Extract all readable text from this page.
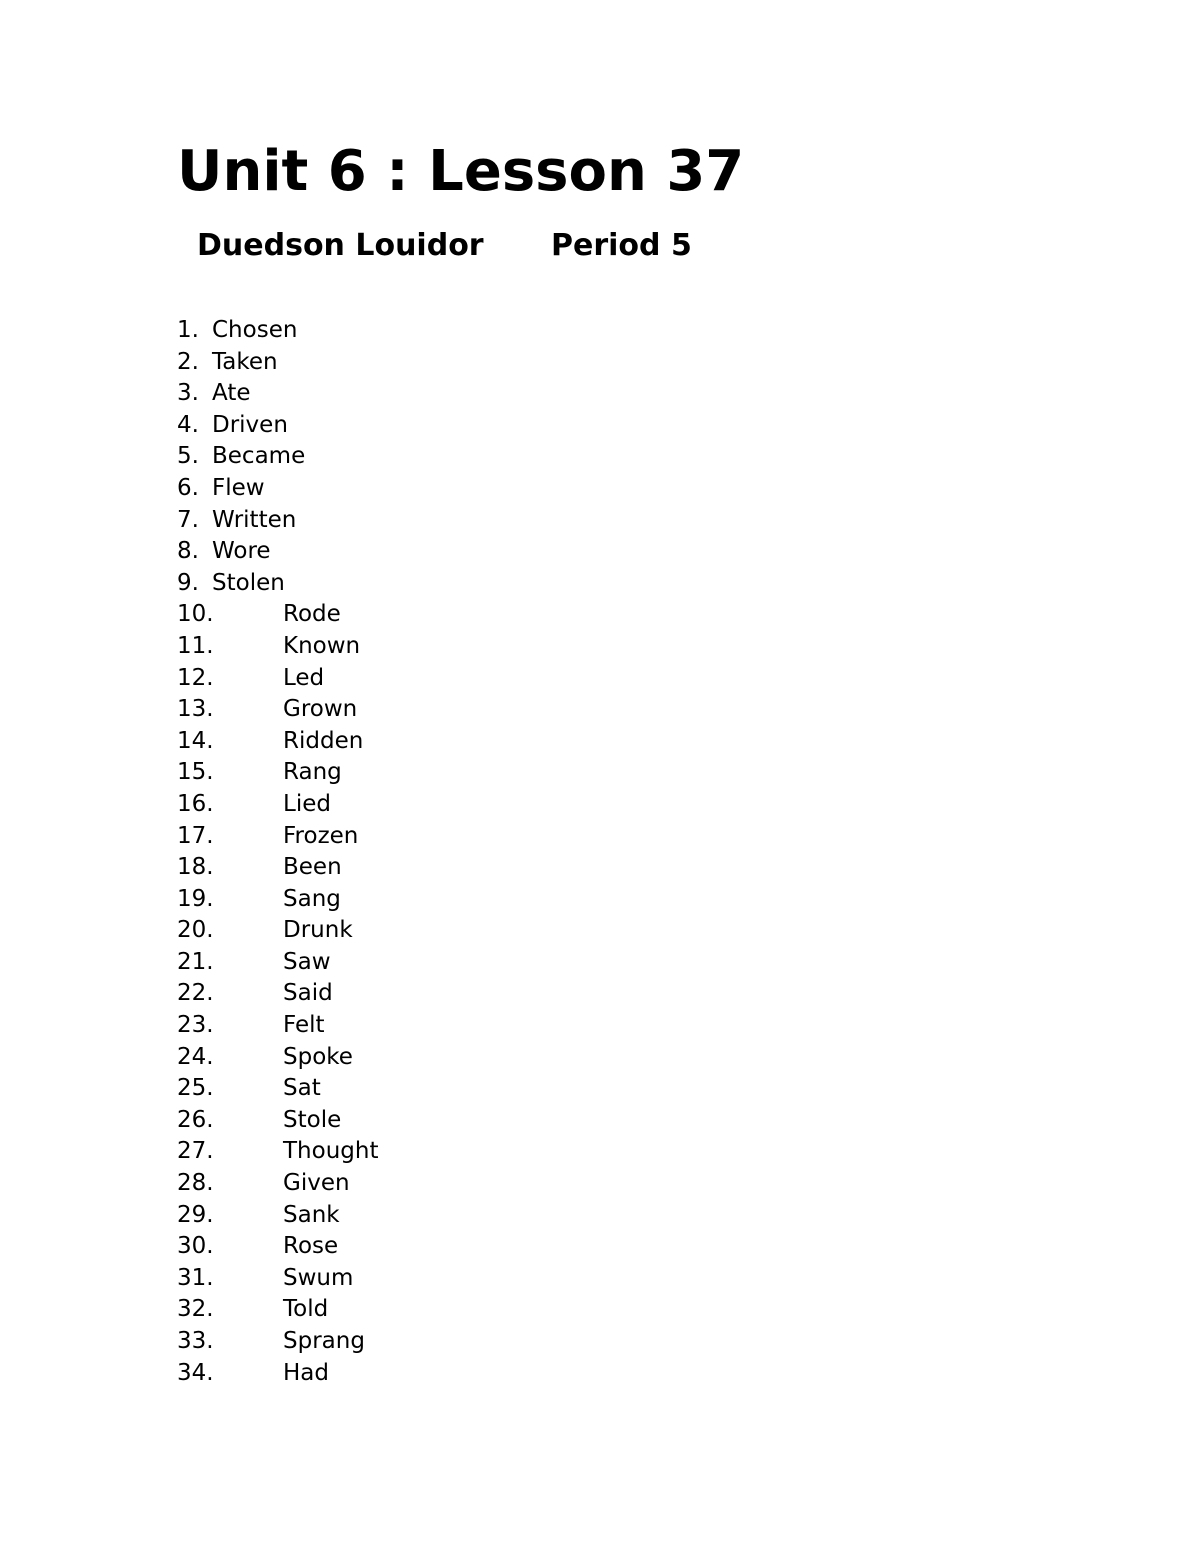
Unit 6 : Lesson 37
Duedson Louidor Period 5
1. Chosen
2. Taken
3. Ate
4. Driven
5. Became
6. Flew
7. Written
8. Wore
9. Stolen
10.	Rode
11.	Known
12.	Led
13.	Grown
14.	Ridden
15.	Rang
16.	Lied
17.	Frozen
18.	Been
19.	Sang
20.	Drunk
21.	Saw
22.	Said
23.	Felt
24.	Spoke
25.	Sat
26.	Stole
27.	Thought
28.	Given
29.	Sank
30.	Rose
31.	Swum
32.	Told
33.	Sprang
34.	Had
